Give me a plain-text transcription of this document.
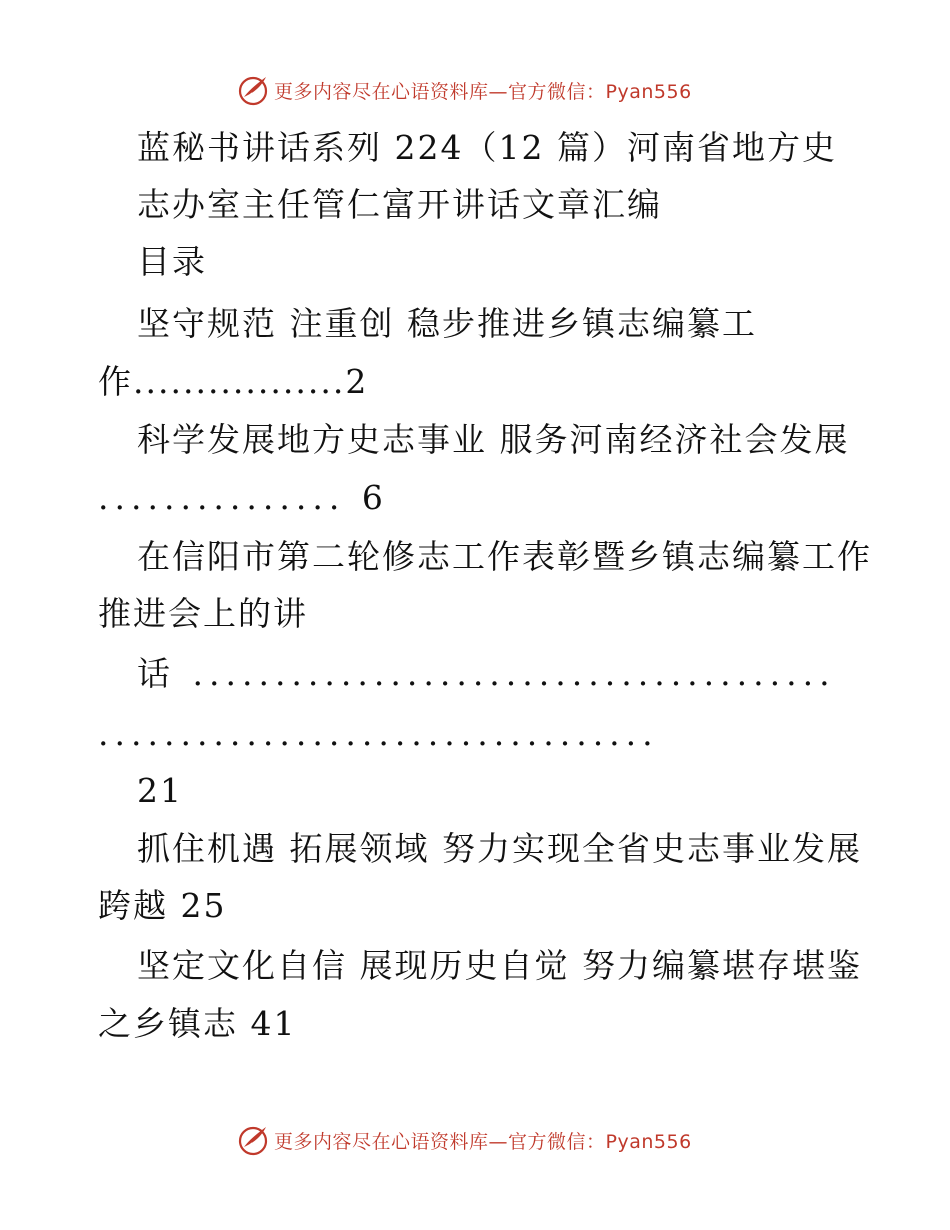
更多内容尽在心语资料库—官方微信：Pyan556
蓝秘书讲话系列 224（12 篇）河南省地方史
志办室主任管仁富开讲话文章汇编
目录
坚守规范 注重创 稳步推进乡镇志编纂工
作.................2
科学发展地方史志事业 服务河南经济社会发展
............... 6
在信阳市第二轮修志工作表彰暨乡镇志编纂工作
推进会上的讲
话 .......................................
..................................
21
抓住机遇 拓展领域 努力实现全省史志事业发展
跨越 25
坚定文化自信 展现历史自觉 努力编纂堪存堪鉴
之乡镇志 41
更多内容尽在心语资料库—官方微信：Pyan556
